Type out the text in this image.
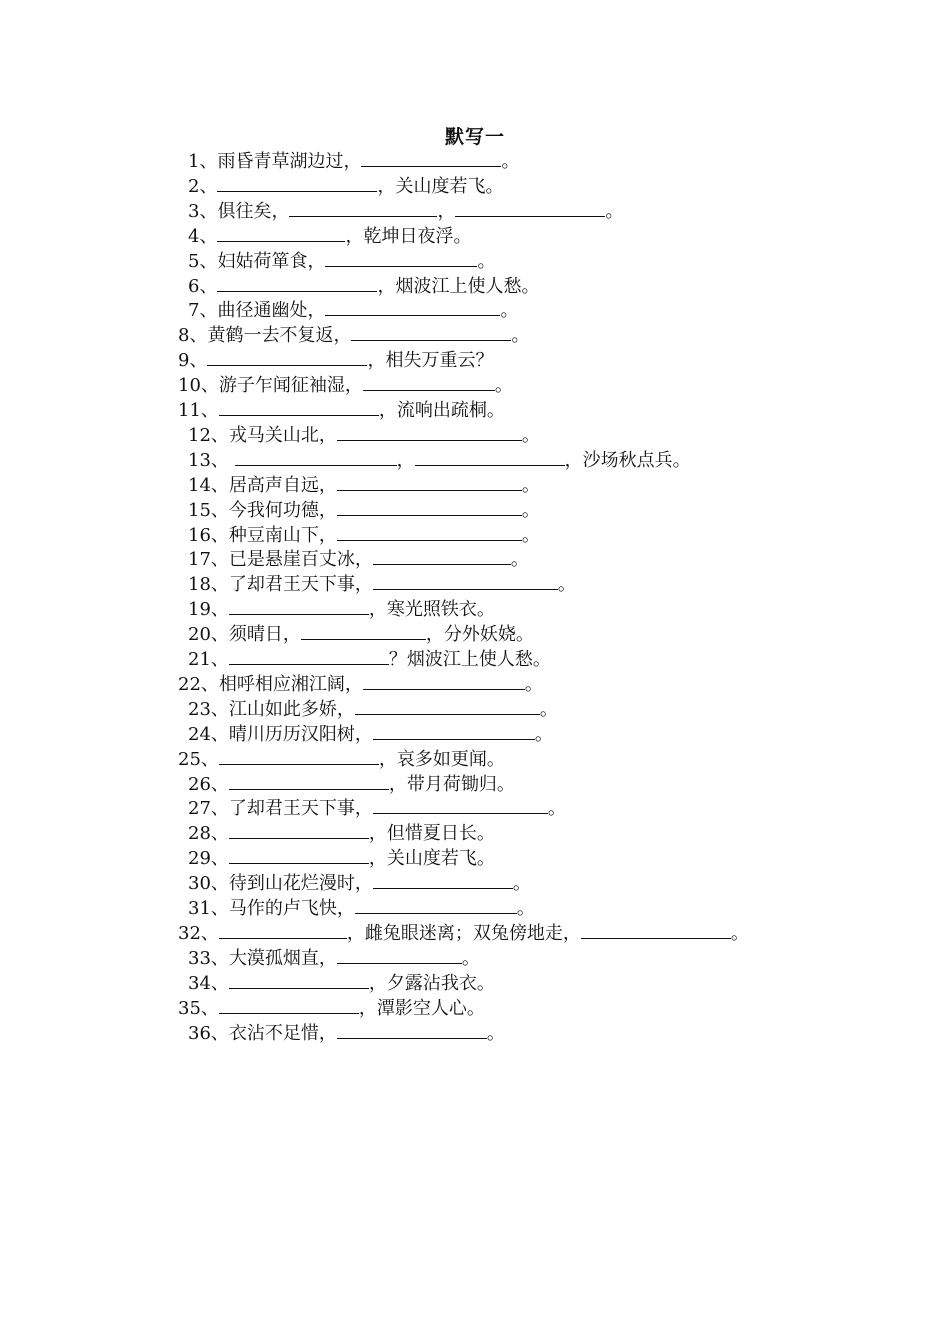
默写一
1、雨昏青草湖边过，	。
2、	，关山度若飞。
3、俱往矣，	，	。
4、	，乾坤日夜浮。
5、妇姑荷箪食，	。
6、	，烟波江上使人愁。
7、曲径通幽处，	。
8、黄鹤一去不复返，	。
9、	，相失万重云？
10、游子乍闻征袖湿，	。
11、	，流响出疏桐。
12、戎马关山北，	。
13、	，	，沙场秋点兵。
14、居高声自远，	。
15、今我何功德，	。
16、种豆南山下，	。
17、已是悬崖百丈冰，	。
18、了却君王天下事，	。
19、	，寒光照铁衣。
20、须晴日，	，分外妖娆。
21、	？烟波江上使人愁。
22、相呼相应湘江阔，	。
23、江山如此多娇，	。
24、晴川历历汉阳树，	。
25、	，哀多如更闻。
26、	，带月荷锄归。
27、了却君王天下事，	。
28、	，但惜夏日长。
29、	，关山度若飞。
30、待到山花烂漫时，	。
31、马作的卢飞快，	。
32、	，雌兔眼迷离；双兔傍地走，	。
33、大漠孤烟直，	。
34、	，夕露沾我衣。
35、	，潭影空人心。
36、衣沾不足惜，	。
